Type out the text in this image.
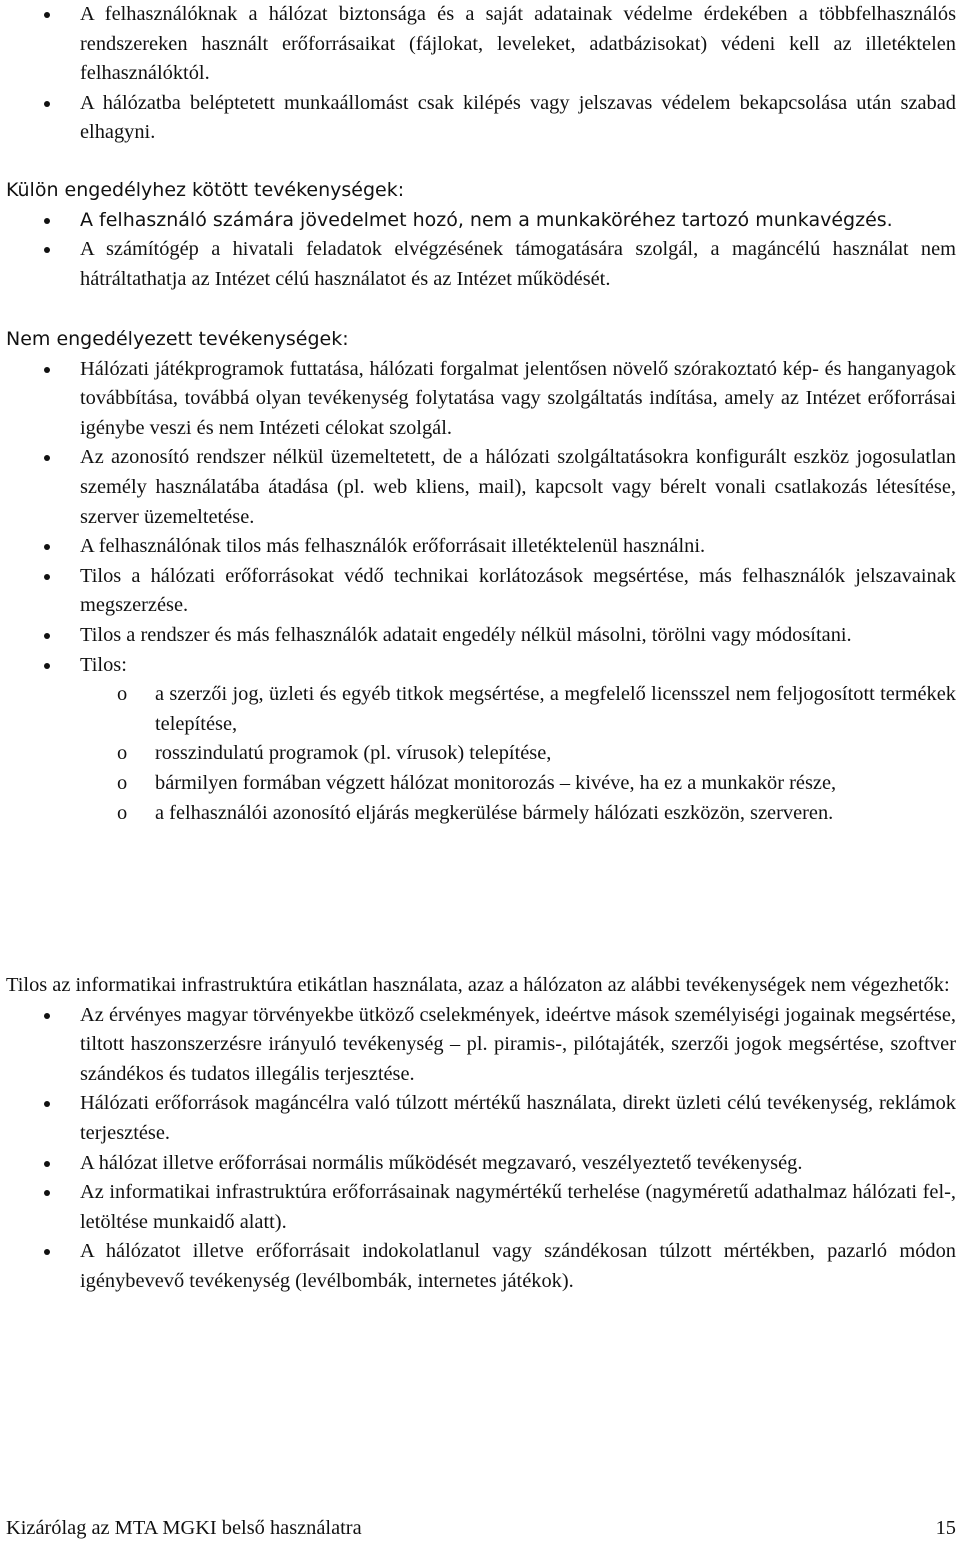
A felhasználóknak a hálózat biztonsága és a saját adatainak védelme érdekében a többfelhasználós rendszereken használt erőforrásaikat (fájlokat, leveleket, adatbázisokat) védeni kell az illetéktelen felhasználóktól.
A hálózatba beléptetett munkaállomást csak kilépés vagy jelszavas védelem bekapcsolása után szabad elhagyni.
Külön engedélyhez kötött tevékenységek:
A felhasználó számára jövedelmet hozó, nem a munkaköréhez tartozó munkavégzés.
A számítógép a hivatali feladatok elvégzésének támogatására szolgál, a magáncélú használat nem hátráltathatja az Intézet célú használatot és az Intézet működését.
Nem engedélyezett tevékenységek:
Hálózati játékprogramok futtatása, hálózati forgalmat jelentősen növelő szórakoztató kép- és hanganyagok továbbítása, továbbá olyan tevékenység folytatása vagy szolgáltatás indítása, amely az Intézet erőforrásai igénybe veszi és nem Intézeti célokat szolgál.
Az azonosító rendszer nélkül üzemeltetett, de a hálózati szolgáltatásokra konfigurált eszköz jogosulatlan személy használatába átadása (pl. web kliens, mail), kapcsolt vagy bérelt vonali csatlakozás létesítése, szerver üzemeltetése.
A felhasználónak tilos más felhasználók erőforrásait illetéktelenül használni.
Tilos a hálózati erőforrásokat védő technikai korlátozások megsértése, más felhasználók jelszavainak megszerzése.
Tilos a rendszer és más felhasználók adatait engedély nélkül másolni, törölni vagy módosítani.
Tilos:
o a szerzői jog, üzleti és egyéb titkok megsértése, a megfelelő licensszel nem feljogosított termékek telepítése,
o rosszindulatú programok (pl. vírusok) telepítése,
o bármilyen formában végzett hálózat monitorozás – kivéve, ha ez a munkakör része,
o a felhasználói azonosító eljárás megkerülése bármely hálózati eszközön, szerveren.
Tilos az informatikai infrastruktúra etikátlan használata, azaz a hálózaton az alábbi tevékenységek nem végezhetők:
Az érvényes magyar törvényekbe ütköző cselekmények, ideértve mások személyiségi jogainak megsértése, tiltott haszonszerzésre irányuló tevékenység – pl. piramis-, pilótajáték, szerzői jogok megsértése, szoftver szándékos és tudatos illegális terjesztése.
Hálózati erőforrások magáncélra való túlzott mértékű használata, direkt üzleti célú tevékenység, reklámok terjesztése.
A hálózat illetve erőforrásai normális működését megzavaró, veszélyeztető tevékenység.
Az informatikai infrastruktúra erőforrásainak nagymértékű terhelése (nagyméretű adathalmaz hálózati fel-, letöltése munkaidő alatt).
A hálózatot illetve erőforrásait indokolatlanul vagy szándékosan túlzott mértékben, pazarló módon igénybevevő tevékenység (levélbombák, internetes játékok).
Kizárólag az MTA MGKI belső használatra	15
